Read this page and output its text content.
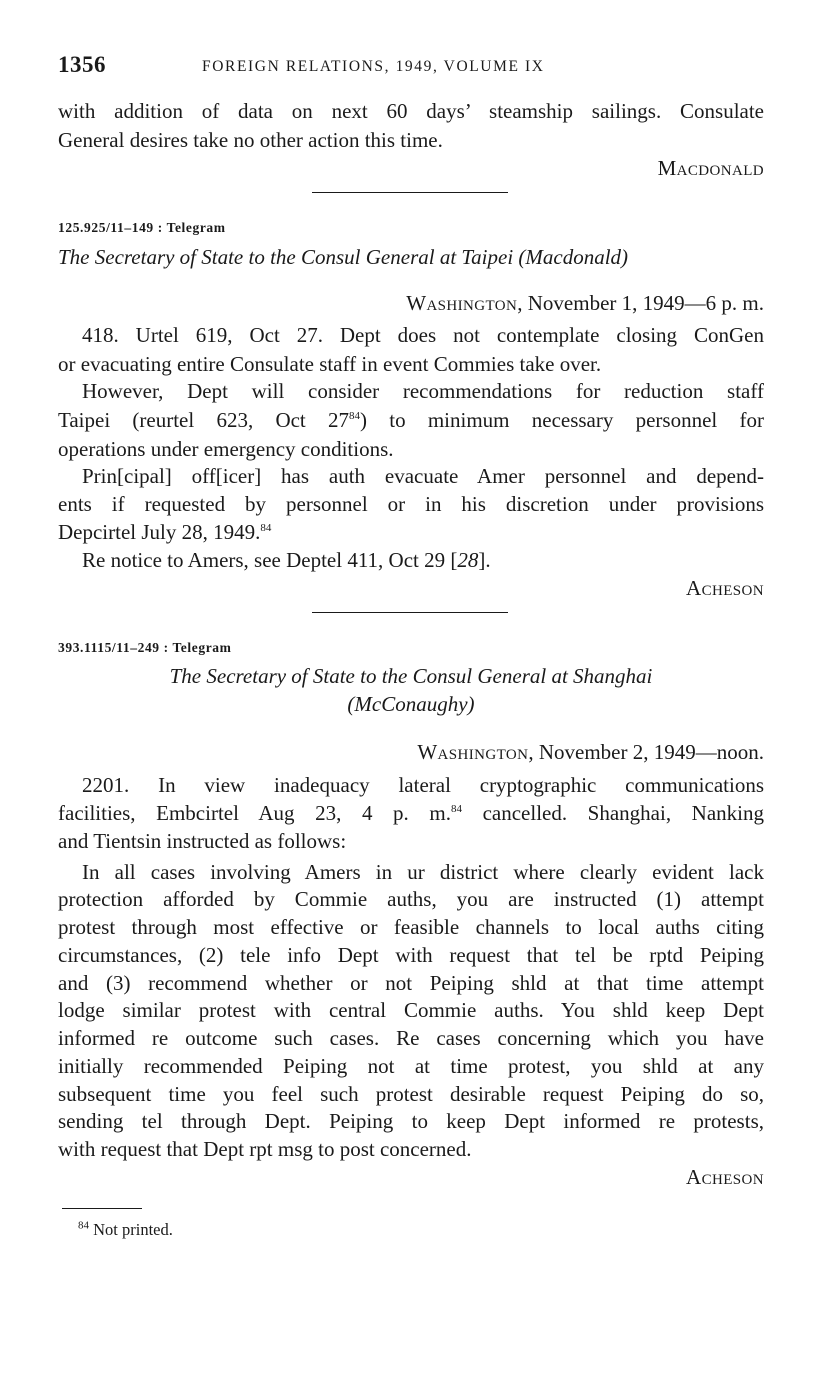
1356	FOREIGN RELATIONS, 1949, VOLUME IX
with addition of data on next 60 days’ steamship sailings. Consulate
General desires take no other action this time.
Macdonald
125.925/11–149 : Telegram
The Secretary of State to the Consul General at Taipei (Macdonald)
Washington, November 1, 1949—6 p. m.
418. Urtel 619, Oct 27. Dept does not contemplate closing ConGen
or evacuating entire Consulate staff in event Commies take over.
However, Dept will consider recommendations for reduction staff
Taipei (reurtel 623, Oct $27^{84}$) to minimum necessary personnel for
operations under emergency conditions.
Prin[cipal] off[icer] has auth evacuate Amer personnel and depend-
ents if requested by personnel or in his discretion under provisions
Depcirtel July 28, 1949.84
Re notice to Amers, see Deptel 411, Oct 29 [28].
Acheson
393.1115/11–249 : Telegram
The Secretary of State to the Consul General at Shanghai
(McConaughy)
Washington, November 2, 1949—noon.
2201. In view inadequacy lateral cryptographic communications
facilities, Embcirtel Aug 23, 4 p. m.$^{84}$ cancelled. Shanghai, Nanking
and Tientsin instructed as follows:
In all cases involving Amers in ur district where clearly evident lack
protection afforded by Commie auths, you are instructed (1) attempt
protest through most effective or feasible channels to local auths citing
circumstances, (2) tele info Dept with request that tel be rptd Peiping
and (3) recommend whether or not Peiping shld at that time attempt
lodge similar protest with central Commie auths. You shld keep Dept
informed re outcome such cases. Re cases concerning which you have
initially recommended Peiping not at time protest, you shld at any
subsequent time you feel such protest desirable request Peiping do so,
sending tel through Dept. Peiping to keep Dept informed re protests,
with request that Dept rpt msg to post concerned.
Acheson
$^{84}$ Not printed.
